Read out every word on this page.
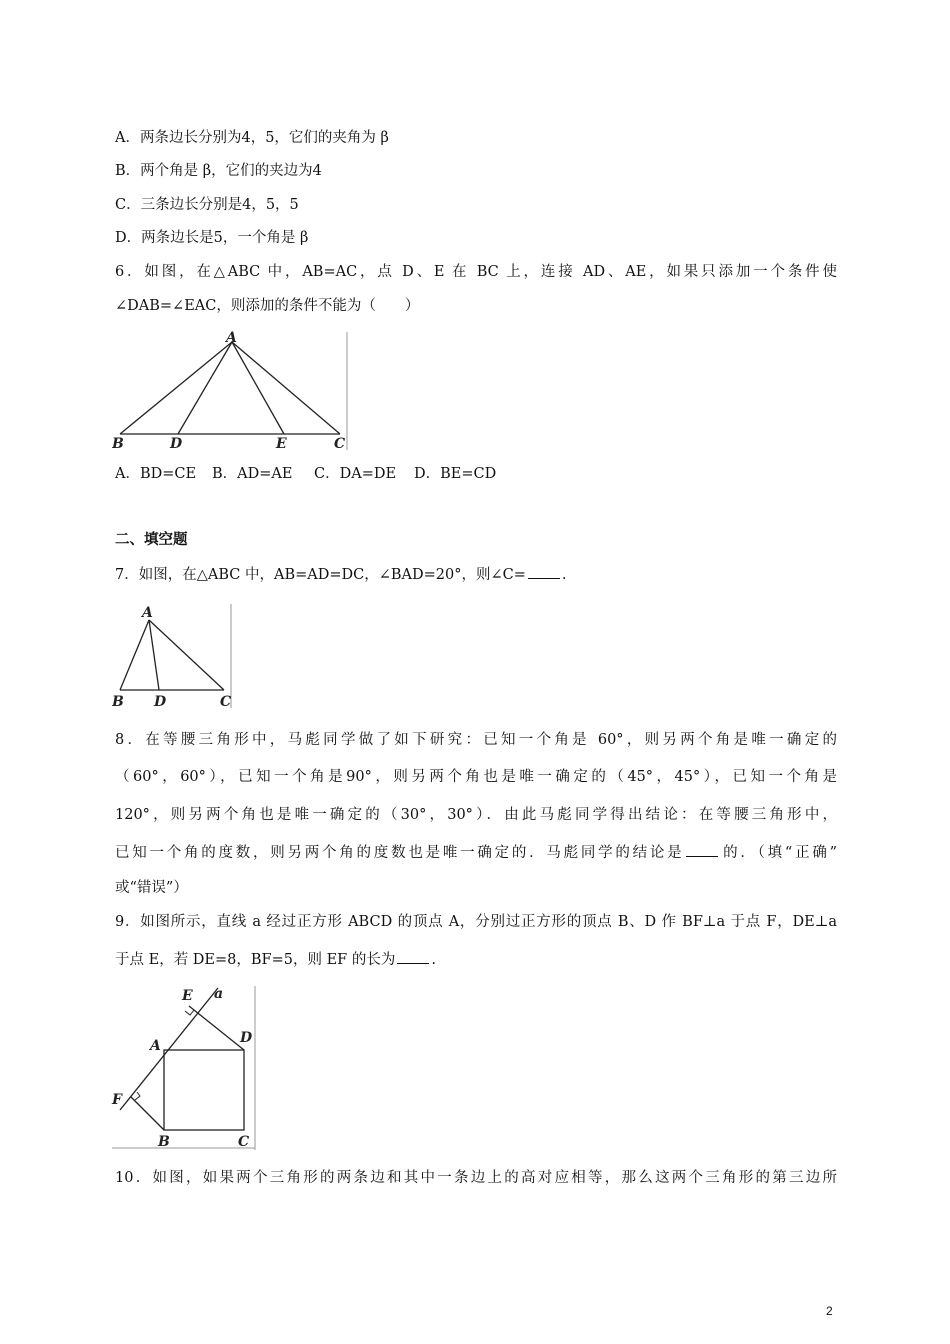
A．两条边长分别为4，5，它们的夹角为 β
B．两个角是 β，它们的夹边为4
C．三条边长分别是4，5，5
D．两条边长是5，一个角是 β
6．如图，在△ABC 中，AB=AC，点 D、E 在 BC 上，连接 AD、AE，如果只添加一个条件使
∠DAB=∠EAC，则添加的条件不能为（　　）
A
B	D	E	C
A．BD=CE B．AD=AE C．DA=DE D．BE=CD
二、填空题
7．如图，在△ABC 中，AB=AD=DC，∠BAD=20°，则∠C= .
A
B D	C
8．在等腰三角形中，马彪同学做了如下研究：已知一个角是 60°，则另两个角是唯一确定的
（60°，60°），已知一个角是90°，则另两个角也是唯一确定的（45°，45°），已知一个角是
120°，则另两个角也是唯一确定的（30°，30°）．由此马彪同学得出结论：在等腰三角形中，
已知一个角的度数，则另两个角的度数也是唯一确定的．马彪同学的结论是 的．（填“正确”
或“错误”）
9．如图所示，直线 a 经过正方形 ABCD 的顶点 A，分别过正方形的顶点 B、D 作 BF⊥a 于点 F，DE⊥a
于点 E，若 DE=8，BF=5，则 EF 的长为 .
E a
A	D
F
B	C
10．如图，如果两个三角形的两条边和其中一条边上的高对应相等，那么这两个三角形的第三边所
2
